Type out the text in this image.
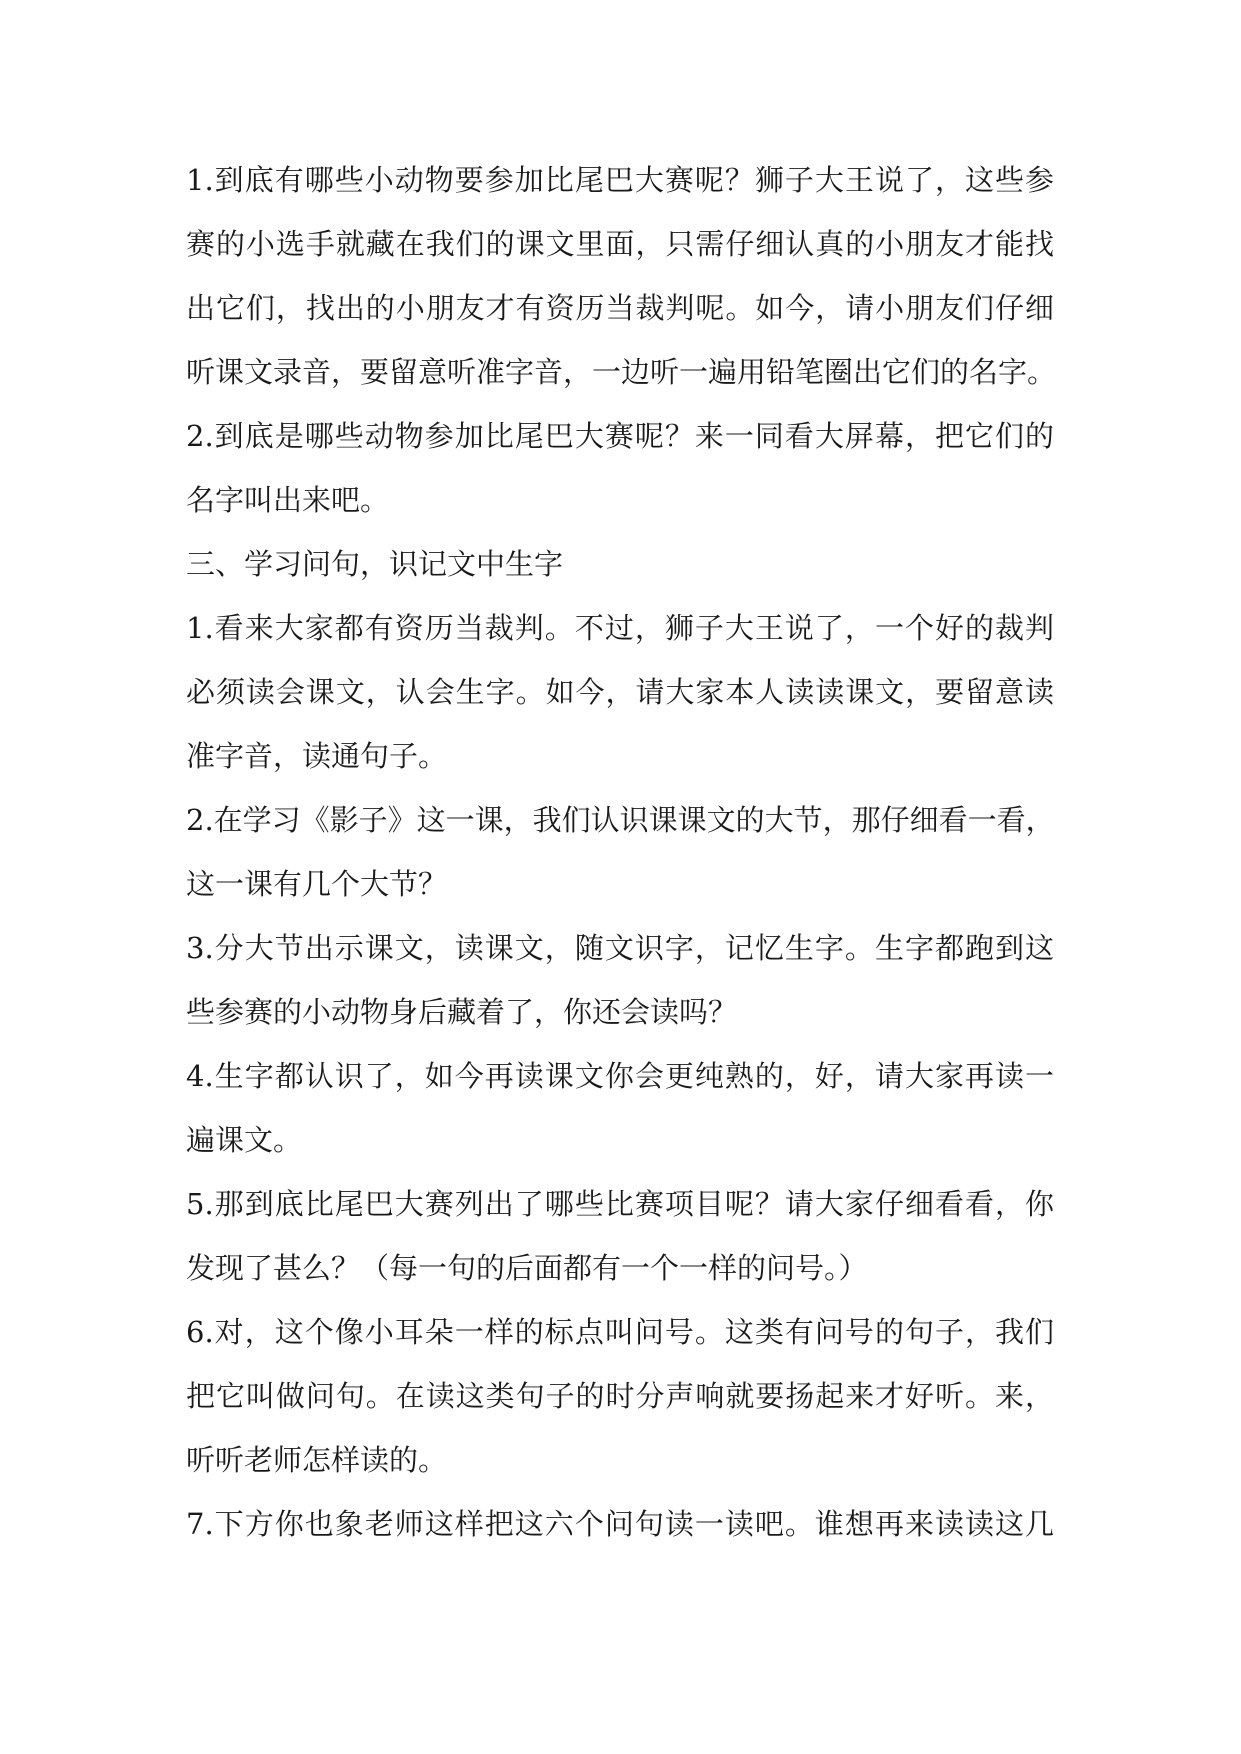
1.到底有哪些小动物要参加比尾巴大赛呢？狮子大王说了，这些参
赛的小选手就藏在我们的课文里面，只需仔细认真的小朋友才能找
出它们，找出的小朋友才有资历当裁判呢。如今，请小朋友们仔细
听课文录音，要留意听准字音，一边听一遍用铅笔圈出它们的名字。
2.到底是哪些动物参加比尾巴大赛呢？来一同看大屏幕，把它们的
名字叫出来吧。
三、学习问句，识记文中生字
1.看来大家都有资历当裁判。不过，狮子大王说了，一个好的裁判
必须读会课文，认会生字。如今，请大家本人读读课文，要留意读
准字音，读通句子。
2.在学习《影子》这一课，我们认识课课文的大节，那仔细看一看，
这一课有几个大节？
3.分大节出示课文，读课文，随文识字，记忆生字。生字都跑到这
些参赛的小动物身后藏着了，你还会读吗？
4.生字都认识了，如今再读课文你会更纯熟的，好，请大家再读一
遍课文。
5.那到底比尾巴大赛列出了哪些比赛项目呢？请大家仔细看看，你
发现了甚么？（每一句的后面都有一个一样的问号。）
6.对，这个像小耳朵一样的标点叫问号。这类有问号的句子，我们
把它叫做问句。在读这类句子的时分声响就要扬起来才好听。来，
听听老师怎样读的。
7.下方你也象老师这样把这六个问句读一读吧。谁想再来读读这几
